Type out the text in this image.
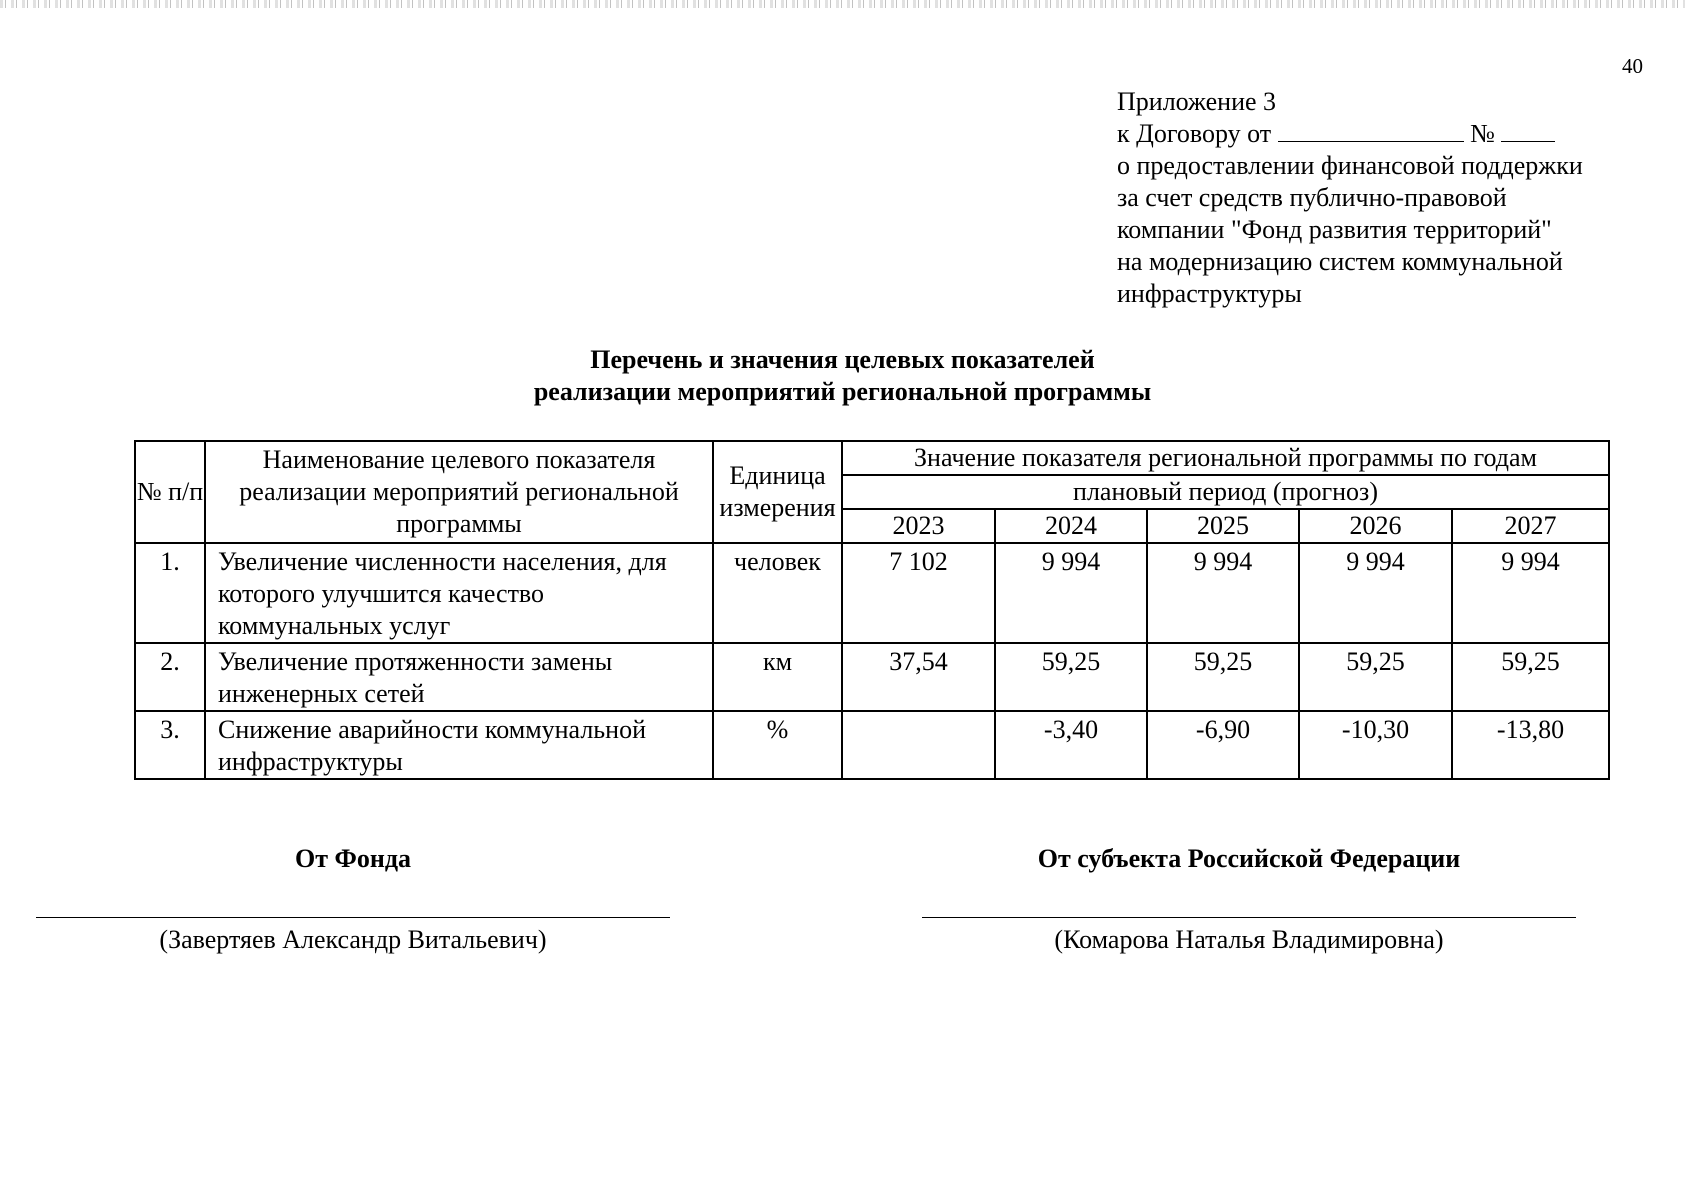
40
Приложение 3
к Договору от	№
о предоставлении финансовой поддержки
за счет средств публично-правовой
компании "Фонд развития территорий"
на модернизацию систем коммунальной
инфраструктуры
Перечень и значения целевых показателей
реализации мероприятий региональной программы
№ п/п	Наименование целевого показателя реализации мероприятий региональной программы	Единица измерения	Значение показателя региональной программы по годам				
			плановый период (прогноз)				
			2023	2024	2025	2026	2027
1.	Увеличение численности населения, для которого улучшится качество коммунальных услуг	человек	7 102	9 994	9 994	9 994	9 994
2.	Увеличение протяженности замены инженерных сетей	км	37,54	59,25	59,25	59,25	59,25
3.	Снижение аварийности коммунальной инфраструктуры	%		-3,40	-6,90	-10,30	-13,80
От Фонда
(Завертяев Александр Витальевич)
От субъекта Российской Федерации
(Комарова Наталья Владимировна)
